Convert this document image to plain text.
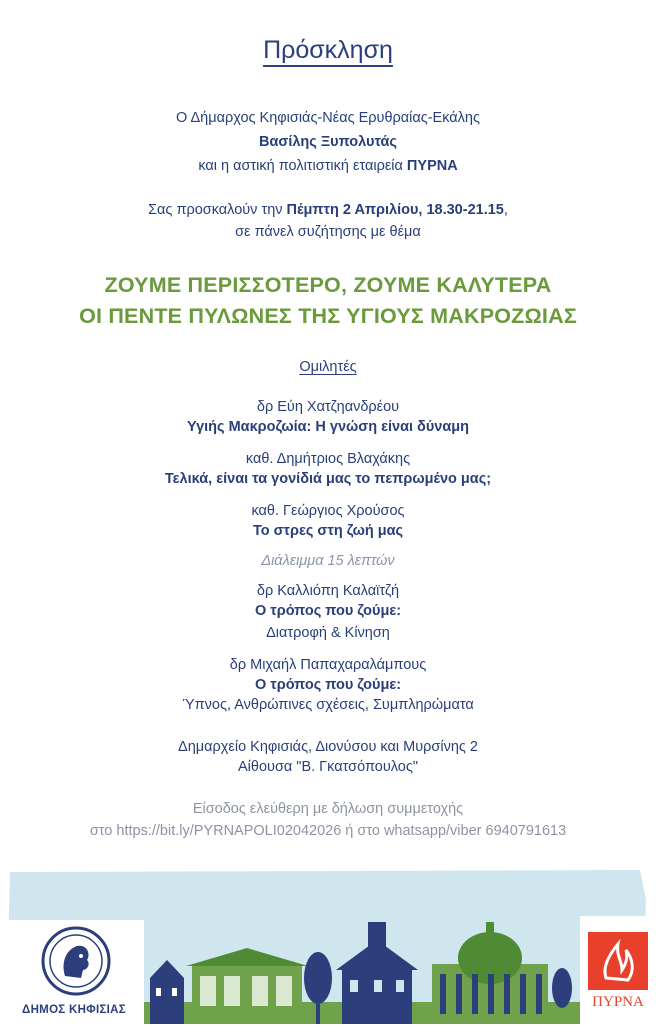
Πρόσκληση
Ο Δήμαρχος Κηφισιάς-Νέας Ερυθραίας-Εκάλης
Βασίλης Ξυπολυτάς
και η αστική πολιτιστική εταιρεία ΠΥΡΝΑ
Σας προσκαλούν την Πέμπτη 2 Απριλίου, 18.30-21.15,
σε πάνελ συζήτησης με θέμα
ΖΟΥΜΕ ΠΕΡΙΣΣΟΤΕΡΟ, ΖΟΥΜΕ ΚΑΛΥΤΕΡΑ
ΟΙ ΠΕΝΤΕ ΠΥΛΩΝΕΣ ΤΗΣ ΥΓΙΟΥΣ ΜΑΚΡΟΖΩΙΑΣ
Ομιλητές
δρ Εύη Χατζηανδρέου
Υγιής Μακροζωία: Η γνώση είναι δύναμη
καθ. Δημήτριος Βλαχάκης
Τελικά, είναι τα γονίδιά μας το πεπρωμένο μας;
καθ. Γεώργιος Χρούσος
Το στρες στη ζωή μας
Διάλειμμα 15 λεπτών
δρ Καλλιόπη Καλαϊτζή
Ο τρόπος που ζούμε:
Διατροφή & Κίνηση
δρ Μιχαήλ Παπαχαραλάμπους
Ο τρόπος που ζούμε:
Ύπνος, Ανθρώπινες σχέσεις, Συμπληρώματα
Δημαρχείο Κηφισιάς, Διονύσου και Μυρσίνης 2
Αίθουσα "Β. Γκατσόπουλος"
Είσοδος ελεύθερη με δήλωση συμμετοχής
στο https://bit.ly/PYRNAPOLI02042026 ή στο whatsapp/viber 6940791613
ΔΗΜΟΣ ΚΗΦΙΣΙΑΣ	ΠΥΡΝΑ
